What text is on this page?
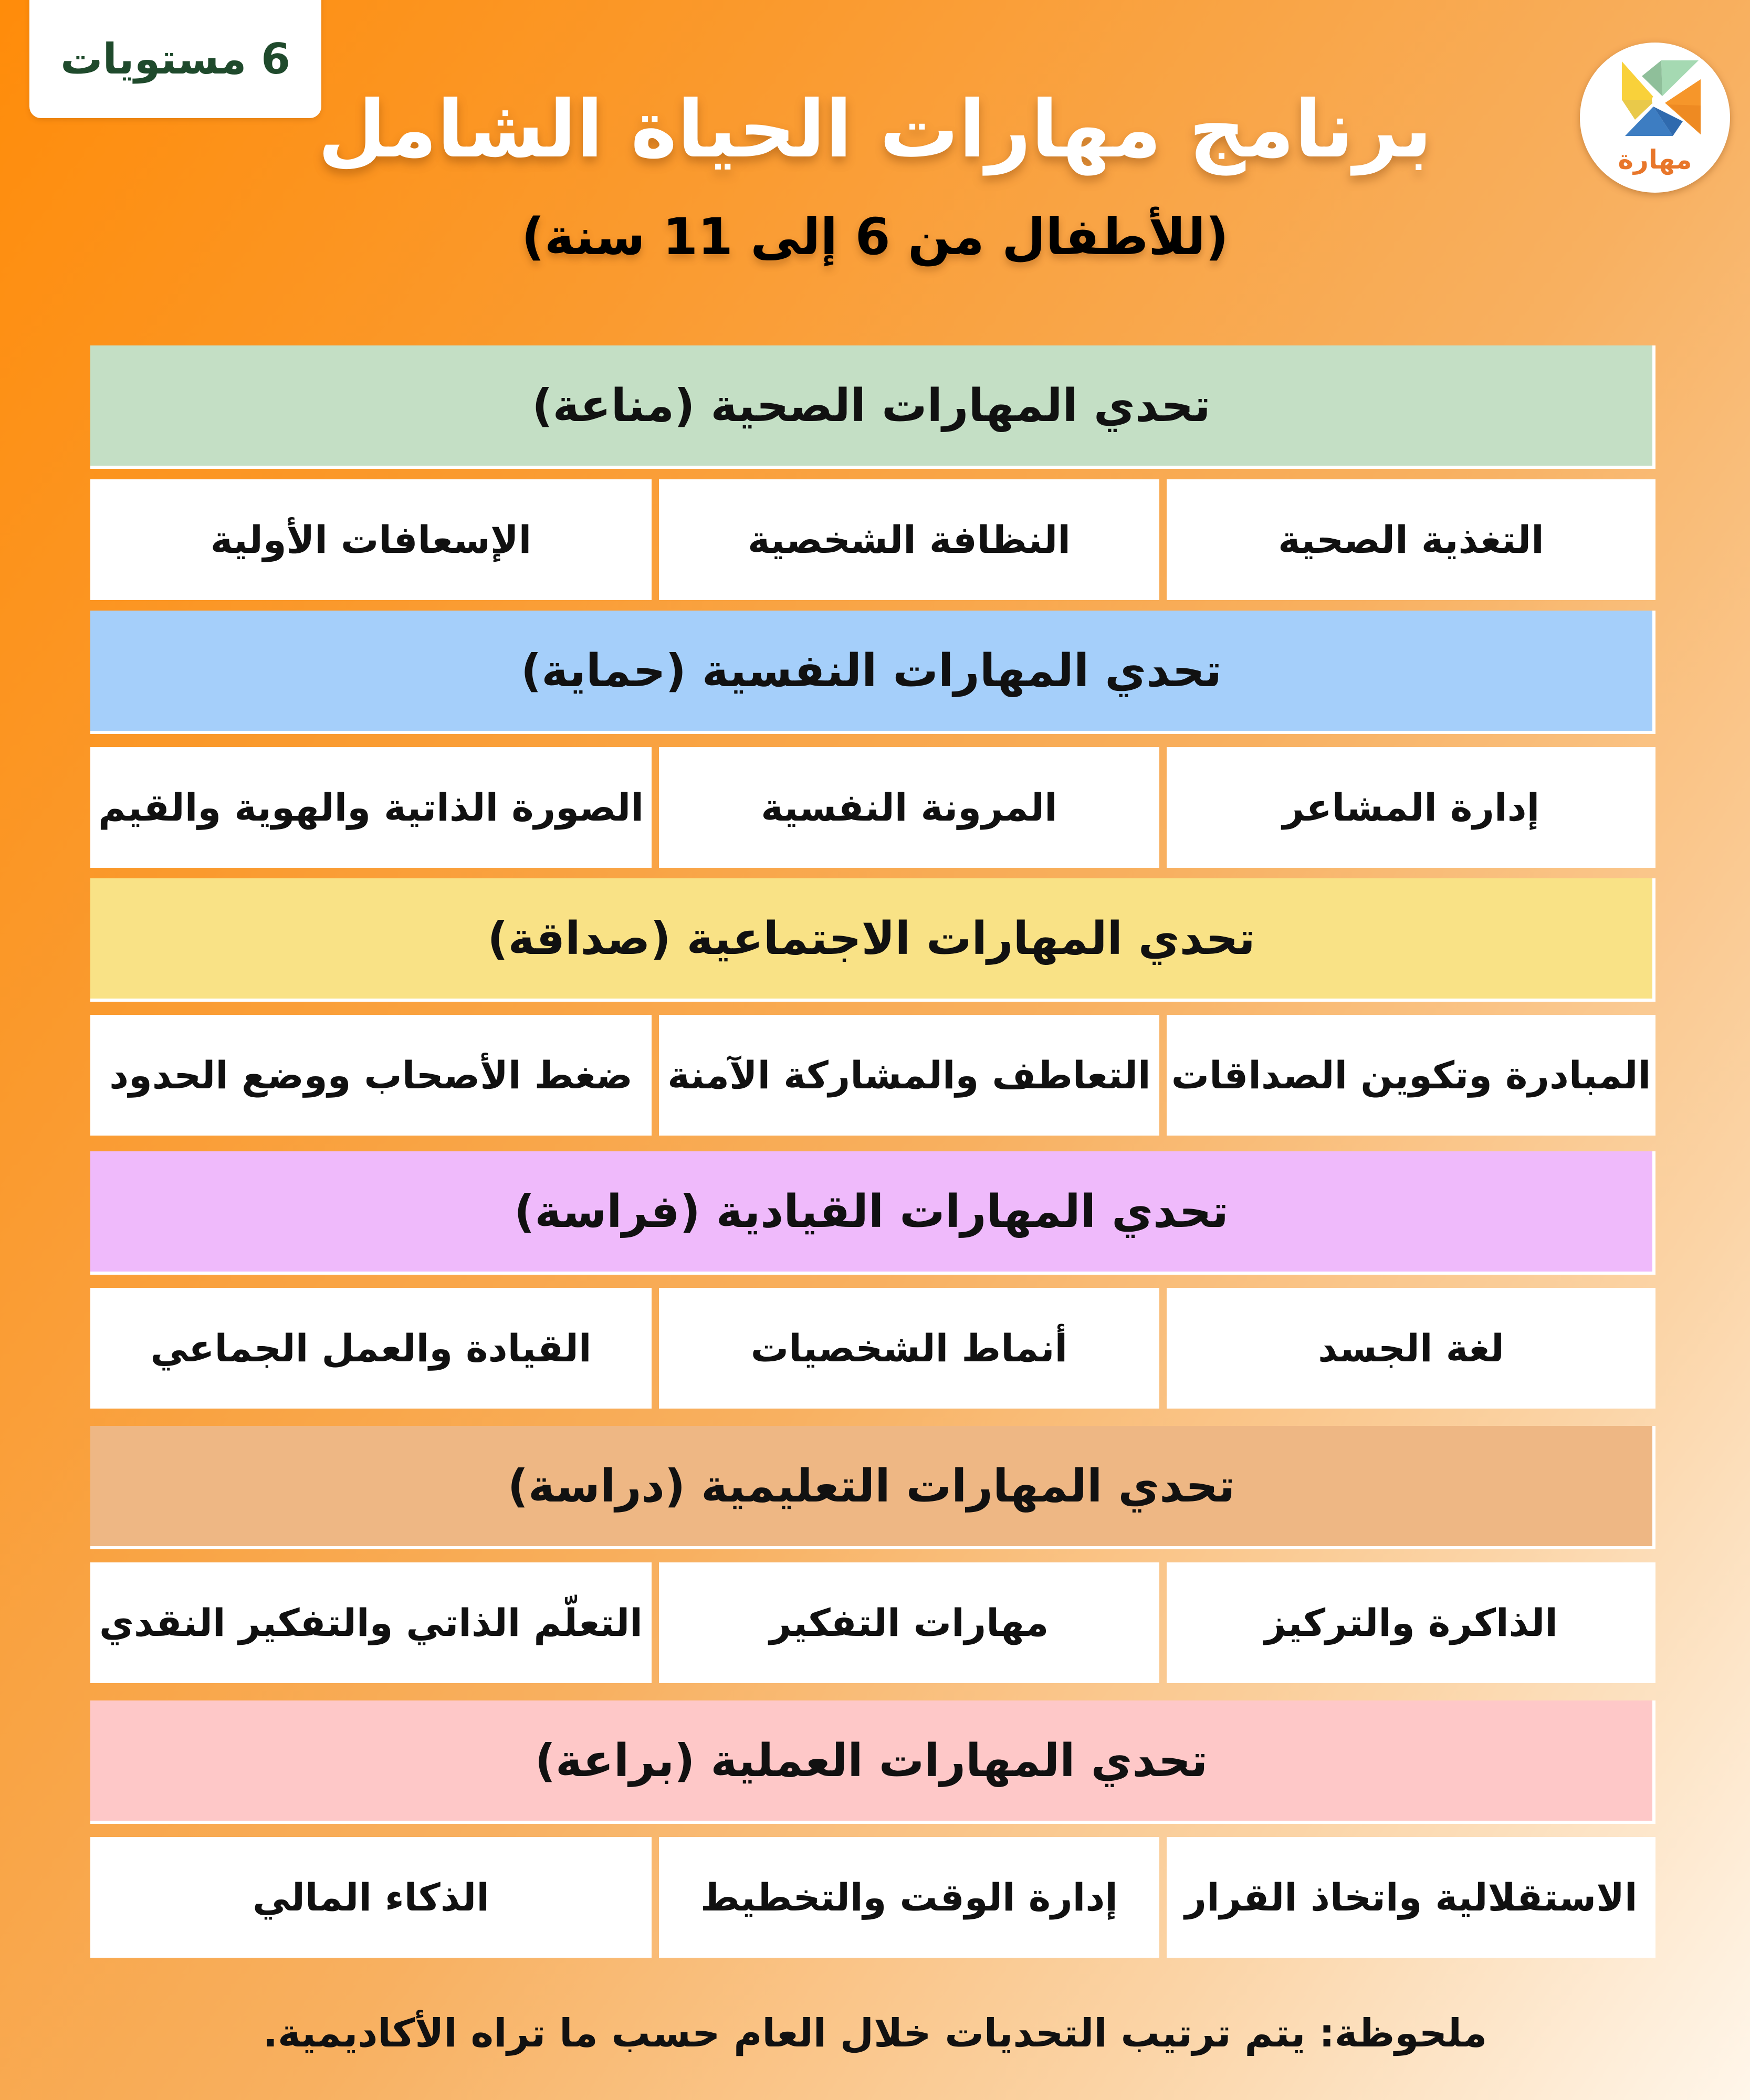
6 مستويات
مهارة
برنامج مهارات الحياة الشامل
(للأطفال من 6 إلى 11 سنة)
تحدي المهارات الصحية (مناعة)
التغذية الصحية
النظافة الشخصية
الإسعافات الأولية
تحدي المهارات النفسية (حماية)
إدارة المشاعر
المرونة النفسية
الصورة الذاتية والهوية والقيم
تحدي المهارات الاجتماعية (صداقة)
المبادرة وتكوين الصداقات
التعاطف والمشاركة الآمنة
ضغط الأصحاب ووضع الحدود
تحدي المهارات القيادية (فراسة)
لغة الجسد
أنماط الشخصيات
القيادة والعمل الجماعي
تحدي المهارات التعليمية (دراسة)
الذاكرة والتركيز
مهارات التفكير
التعلّم الذاتي والتفكير النقدي
تحدي المهارات العملية (براعة)
الاستقلالية واتخاذ القرار
إدارة الوقت والتخطيط
الذكاء المالي
ملحوظة: يتم ترتيب التحديات خلال العام حسب ما تراه الأكاديمية.
